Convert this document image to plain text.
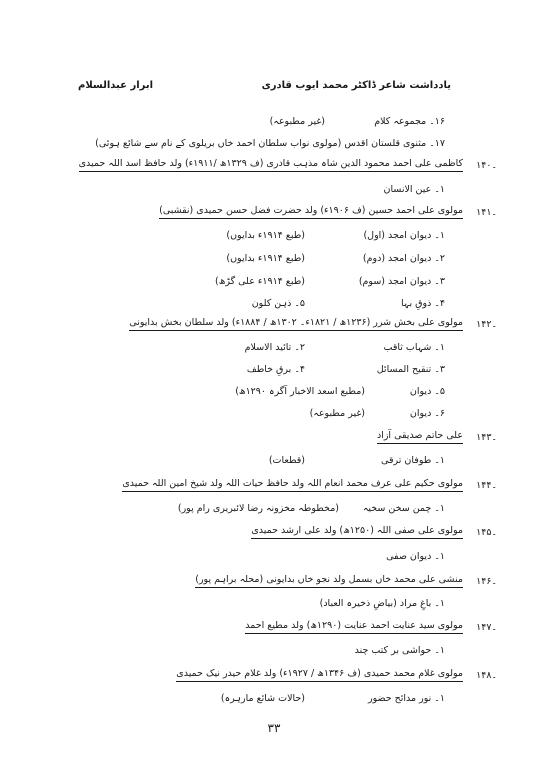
یادداشت شاعر ڈاکٹر محمد ایوب قادری
ابرار عبدالسلام
۱۶۔ مجموعہ کلام
(غیر مطبوعہ)
۱۷۔ مثنوی قلستان اقدس (مولوی نواب سلطان احمد خاں بریلوی کے نام سے شائع ہوئی)
۔۱۴۰
کاظمی علی احمد محمود الدین شاہ مذہب قادری (ف ۱۳۲۹ھ /۱۹۱۱ء) ولد حافظ اسد اللہ حمیدی
۱۔ عین الانسان
۔۱۴۱
مولوی علی احمد حسین (ف ۱۹۰۶ء) ولد حضرت فضل حسن حمیدی (نقشبی)
۱۔ دیوان امجد (اول)
(طبع ۱۹۱۴ء بدایوں)
۲۔ دیوان امجد (دوم)
(طبع ۱۹۱۴ء بدایوں)
۳۔ دیوان امجد (سوم)
(طبع ۱۹۱۴ء علی گڑھ)
۴۔ ذوقِ بہا
۵۔ ذہن کلون
۔۱۴۲
مولوی علی بخش شرر (۱۲۳۶ھ / ۱۸۲۱ء۔ ۱۳۰۲ھ / ۱۸۸۴ء) ولد سلطان بخش بدایونی
۱۔ شہاب ثاقب
۲۔ تائید الاسلام
۳۔ تنقیح المسائل
۴۔ برقِ خاطف
۵۔ دیوان
(مطبع اسعد الاخبار آگرہ ۱۲۹۰ھ)
۶۔ دیوان
(غیر مطبوعہ)
۔۱۴۳
علی حاتم صدیقی آزاد
۱۔ طوفان ترقی
(قطعات)
۔۱۴۴
مولوی حکیم علی عرف محمد انعام اللہ ولد حافظ حیات اللہ ولد شیخ امین اللہ حمیدی
۱۔ چمن سخن سخیہ
(مخطوطہ مخزونہ رضا لائبریری رام پور)
۔۱۴۵
مولوی علی صفی اللہ (۱۲۵۰ھ) ولد علی ارشد حمیدی
۱۔ دیوان صفی
۔۱۴۶
منشی علی محمد خاں بسمل ولد نجو خاں بدایونی (محلہ براہم پور)
۱۔ باغِ مراد (بیاضِ ذخیرہ العباد)
۔۱۴۷
مولوی سید عنایت احمد عنایت (۱۲۹۰ھ) ولد مطیع احمد
۱۔ حواشی بر کتب چند
۔۱۴۸
مولوی غلام محمد حمیدی (ف ۱۳۴۶ھ / ۱۹۲۷ء) ولد غلام حیدر نیک حمیدی
۱۔ نور مدائح حضور
(حالات شائع مارہرہ)
۳۳
